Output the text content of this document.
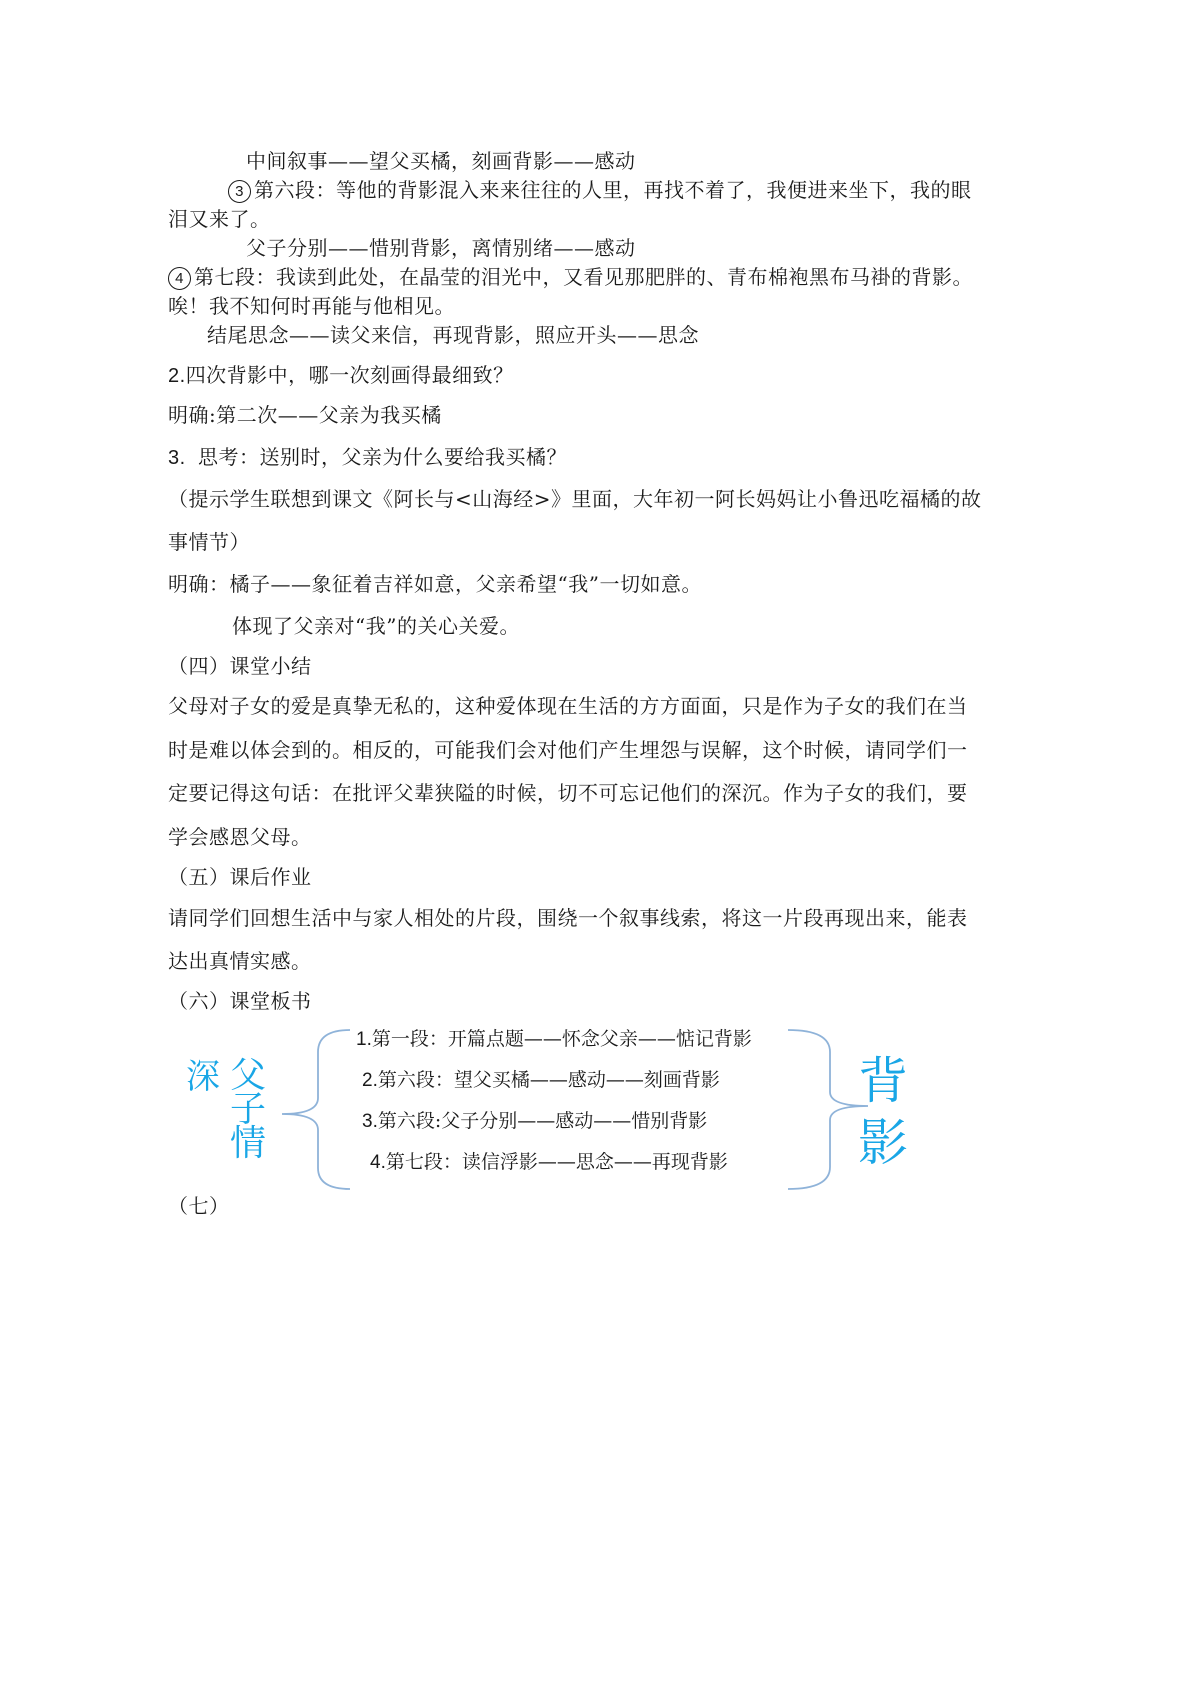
中间叙事——望父买橘，刻画背影——感动

3 第六段：等他的背影混入来来往往的人里，再找不着了，我便进来坐下，我的眼

泪又来了。

父子分别——惜别背影，离情别绪——感动

4 第七段：我读到此处，在晶莹的泪光中，又看见那肥胖的、青布棉袍黑布马褂的背影。

唉！我不知何时再能与他相见。

结尾思念——读父来信，再现背影，照应开头——思念

2.四次背影中，哪一次刻画得最细致？

明确:第二次——父亲为我买橘

3. 思考：送别时，父亲为什么要给我买橘？

（提示学生联想到课文《阿长与<山海经>》里面，大年初一阿长妈妈让小鲁迅吃福橘的故

事情节）

明确：橘子——象征着吉祥如意，父亲希望“我”一切如意。

体现了父亲对“我”的关心关爱。

（四）课堂小结

父母对子女的爱是真挚无私的，这种爱体现在生活的方方面面，只是作为子女的我们在当

时是难以体会到的。相反的，可能我们会对他们产生埋怨与误解，这个时候，请同学们一

定要记得这句话：在批评父辈狭隘的时候，切不可忘记他们的深沉。作为子女的我们，要

学会感恩父母。

（五）课后作业

请同学们回想生活中与家人相处的片段，围绕一个叙事线索，将这一片段再现出来，能表

达出真情实感。

（六）课堂板书

深 父
子
情
1.第一段：开篇点题——怀念父亲——惦记背影
2.第六段：望父买橘——感动——刻画背影
3.第六段:父子分别——感动——惜别背影
4.第七段：读信浮影——思念——再现背影
背
影

（七）
